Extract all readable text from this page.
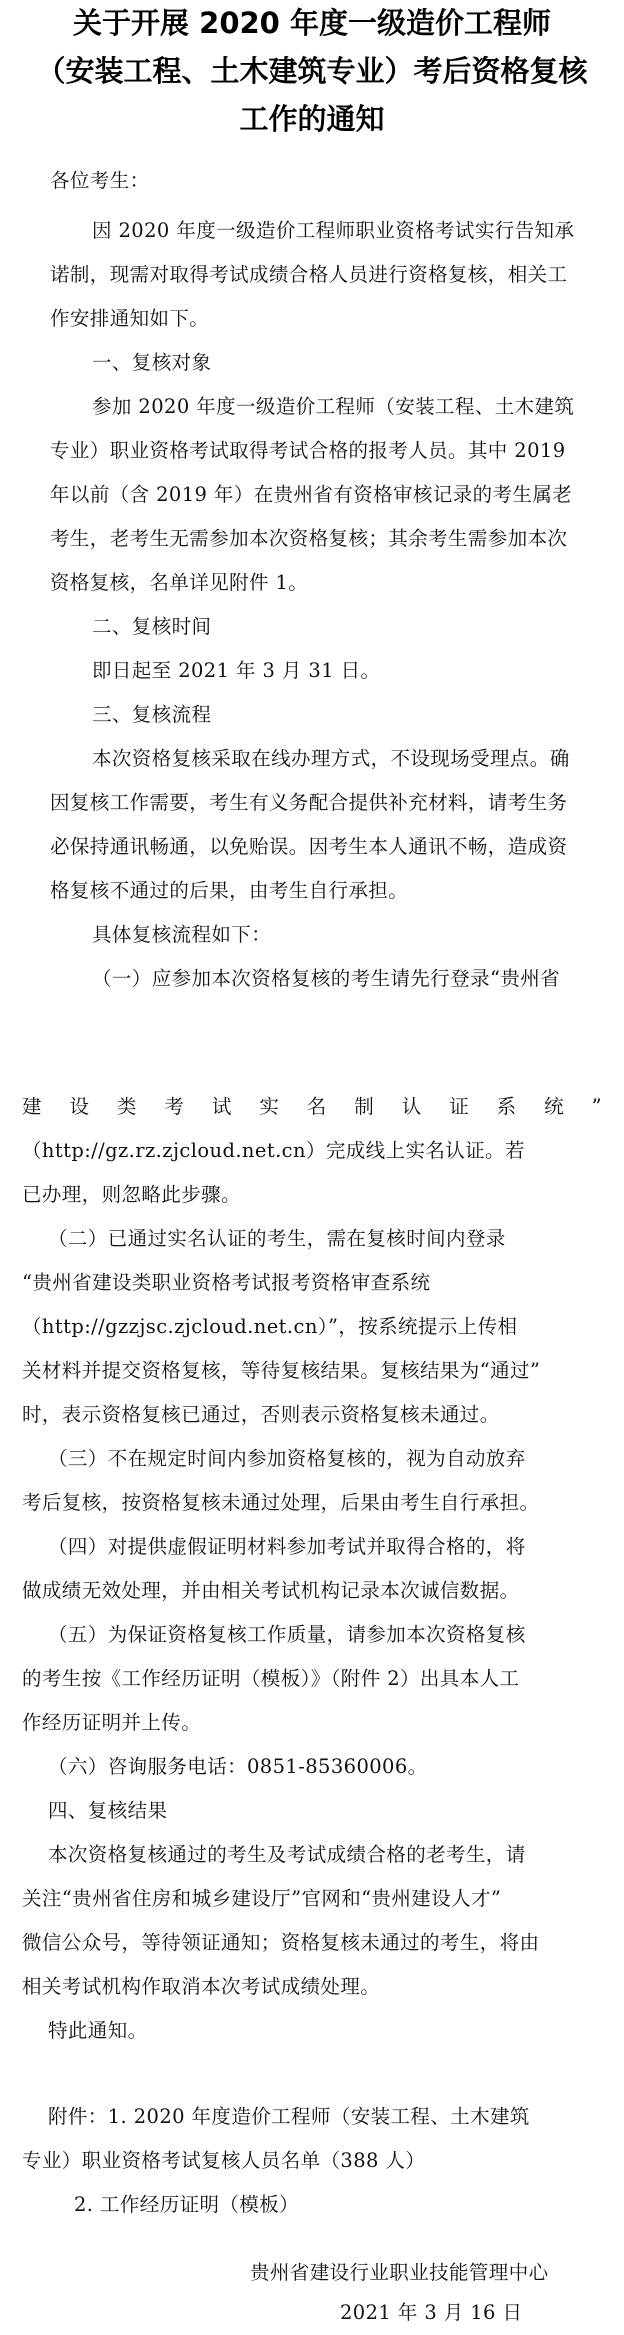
关于开展 2020 年度一级造价工程师
（安装工程、土木建筑专业）考后资格复核
工作的通知
各位考生：
因 2020 年度一级造价工程师职业资格考试实行告知承
诺制，现需对取得考试成绩合格人员进行资格复核，相关工
作安排通知如下。
一、复核对象
参加 2020 年度一级造价工程师（安装工程、土木建筑
专业）职业资格考试取得考试合格的报考人员。其中 2019
年以前（含 2019 年）在贵州省有资格审核记录的考生属老
考生，老考生无需参加本次资格复核；其余考生需参加本次
资格复核，名单详见附件 1。
二、复核时间
即日起至 2021 年 3 月 31 日。
三、复核流程
本次资格复核采取在线办理方式，不设现场受理点。确
因复核工作需要，考生有义务配合提供补充材料，请考生务
必保持通讯畅通，以免贻误。因考生本人通讯不畅，造成资
格复核不通过的后果，由考生自行承担。
具体复核流程如下：
（一）应参加本次资格复核的考生请先行登录“贵州省
建 设 类 考 试 实 名 制 认 证 系 统 ”
（http://gz.rz.zjcloud.net.cn）完成线上实名认证。若
已办理，则忽略此步骤。
（二）已通过实名认证的考生，需在复核时间内登录
“贵州省建设类职业资格考试报考资格审查系统
（http://gzzjsc.zjcloud.net.cn）”，按系统提示上传相
关材料并提交资格复核，等待复核结果。复核结果为“通过”
时，表示资格复核已通过，否则表示资格复核未通过。
（三）不在规定时间内参加资格复核的，视为自动放弃
考后复核，按资格复核未通过处理，后果由考生自行承担。
（四）对提供虚假证明材料参加考试并取得合格的，将
做成绩无效处理，并由相关考试机构记录本次诚信数据。
（五）为保证资格复核工作质量，请参加本次资格复核
的考生按《工作经历证明（模板）》（附件 2）出具本人工
作经历证明并上传。
（六）咨询服务电话：0851-85360006。
四、复核结果
本次资格复核通过的考生及考试成绩合格的老考生，请
关注“贵州省住房和城乡建设厅”官网和“贵州建设人才”
微信公众号，等待领证通知；资格复核未通过的考生，将由
相关考试机构作取消本次考试成绩处理。
特此通知。
附件：1. 2020 年度造价工程师（安装工程、土木建筑
专业）职业资格考试复核人员名单（388 人）
2. 工作经历证明（模板）
贵州省建设行业职业技能管理中心
2021 年 3 月 16 日
